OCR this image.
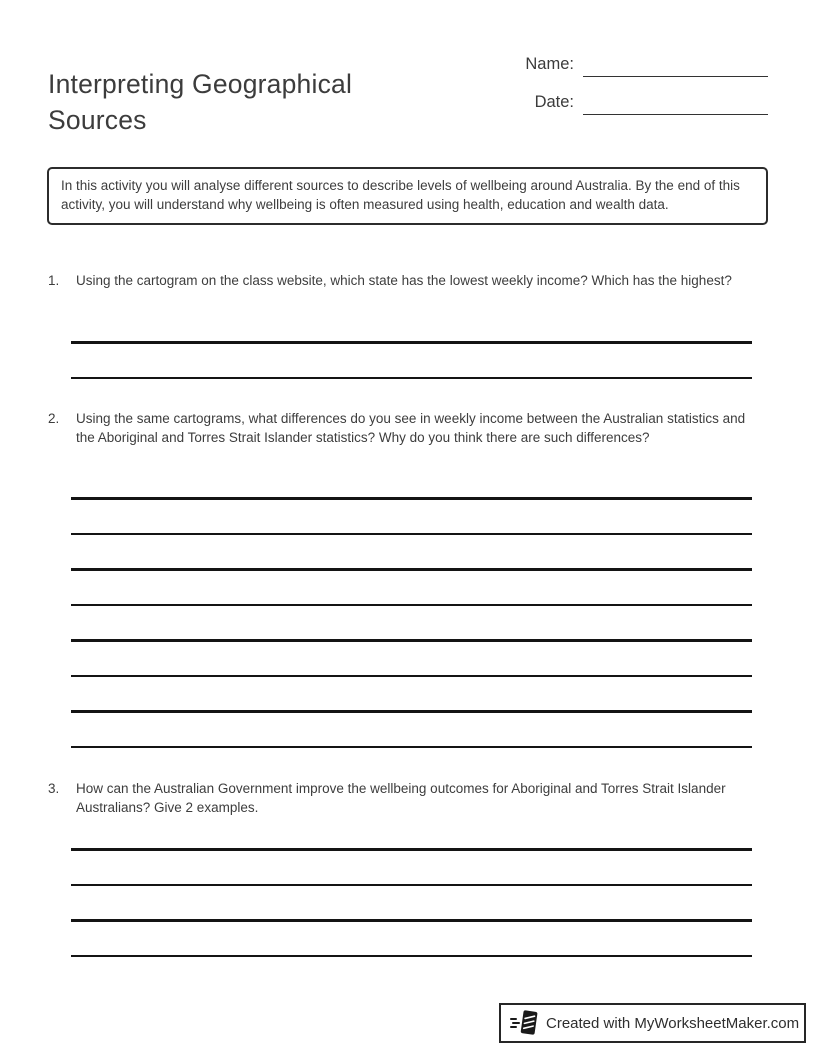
Interpreting Geographical Sources
Name:
Date:

In this activity you will analyse different sources to describe levels of wellbeing around Australia. By the end of this activity, you will understand why wellbeing is often measured using health, education and wealth data.

1.	Using the cartogram on the class website, which state has the lowest weekly income? Which has the highest?

2.	Using the same cartograms, what differences do you see in weekly income between the Australian statistics and the Aboriginal and Torres Strait Islander statistics? Why do you think there are such differences?

3.	How can the Australian Government improve the wellbeing outcomes for Aboriginal and Torres Strait Islander Australians? Give 2 examples.

Created with MyWorksheetMaker.com
